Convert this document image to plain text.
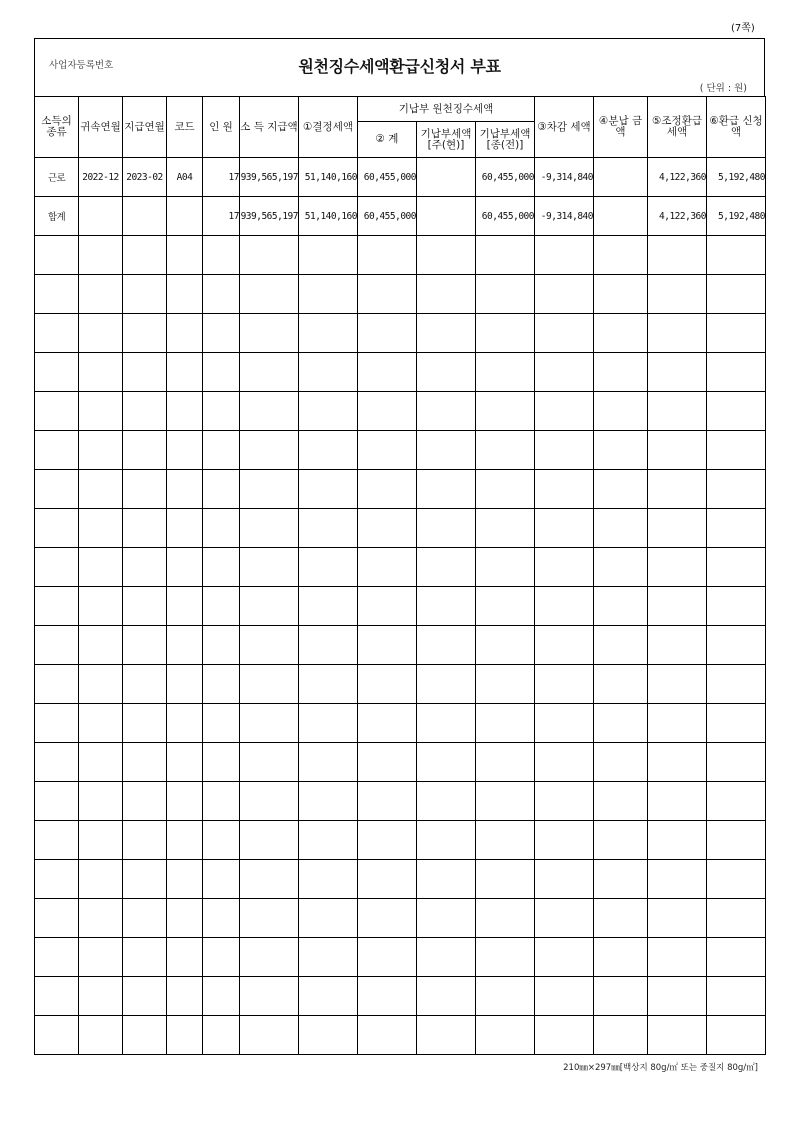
(7쪽)
사업자등록번호	원천징수세액환급신청서 부표
( 단위 : 원)
소득의 종류	귀속연월	지급연월	코드	인 원	소 득 지급액	①결정세액	기납부 원천징수세액			③차감 세액	④분납 금액	⑤조정환급 세액	⑥환급 신청액
							② 계	기납부세액 [주(현)]	기납부세액 [종(전)]				
근로	2022-12	2023-02	A04	17	939,565,197	51,140,160	60,455,000		60,455,000	-9,314,840		4,122,360	5,192,480
합계				17	939,565,197	51,140,160	60,455,000		60,455,000	-9,314,840		4,122,360	5,192,480

210㎜×297㎜[백상지 80g/㎡ 또는 중질지 80g/㎡]
